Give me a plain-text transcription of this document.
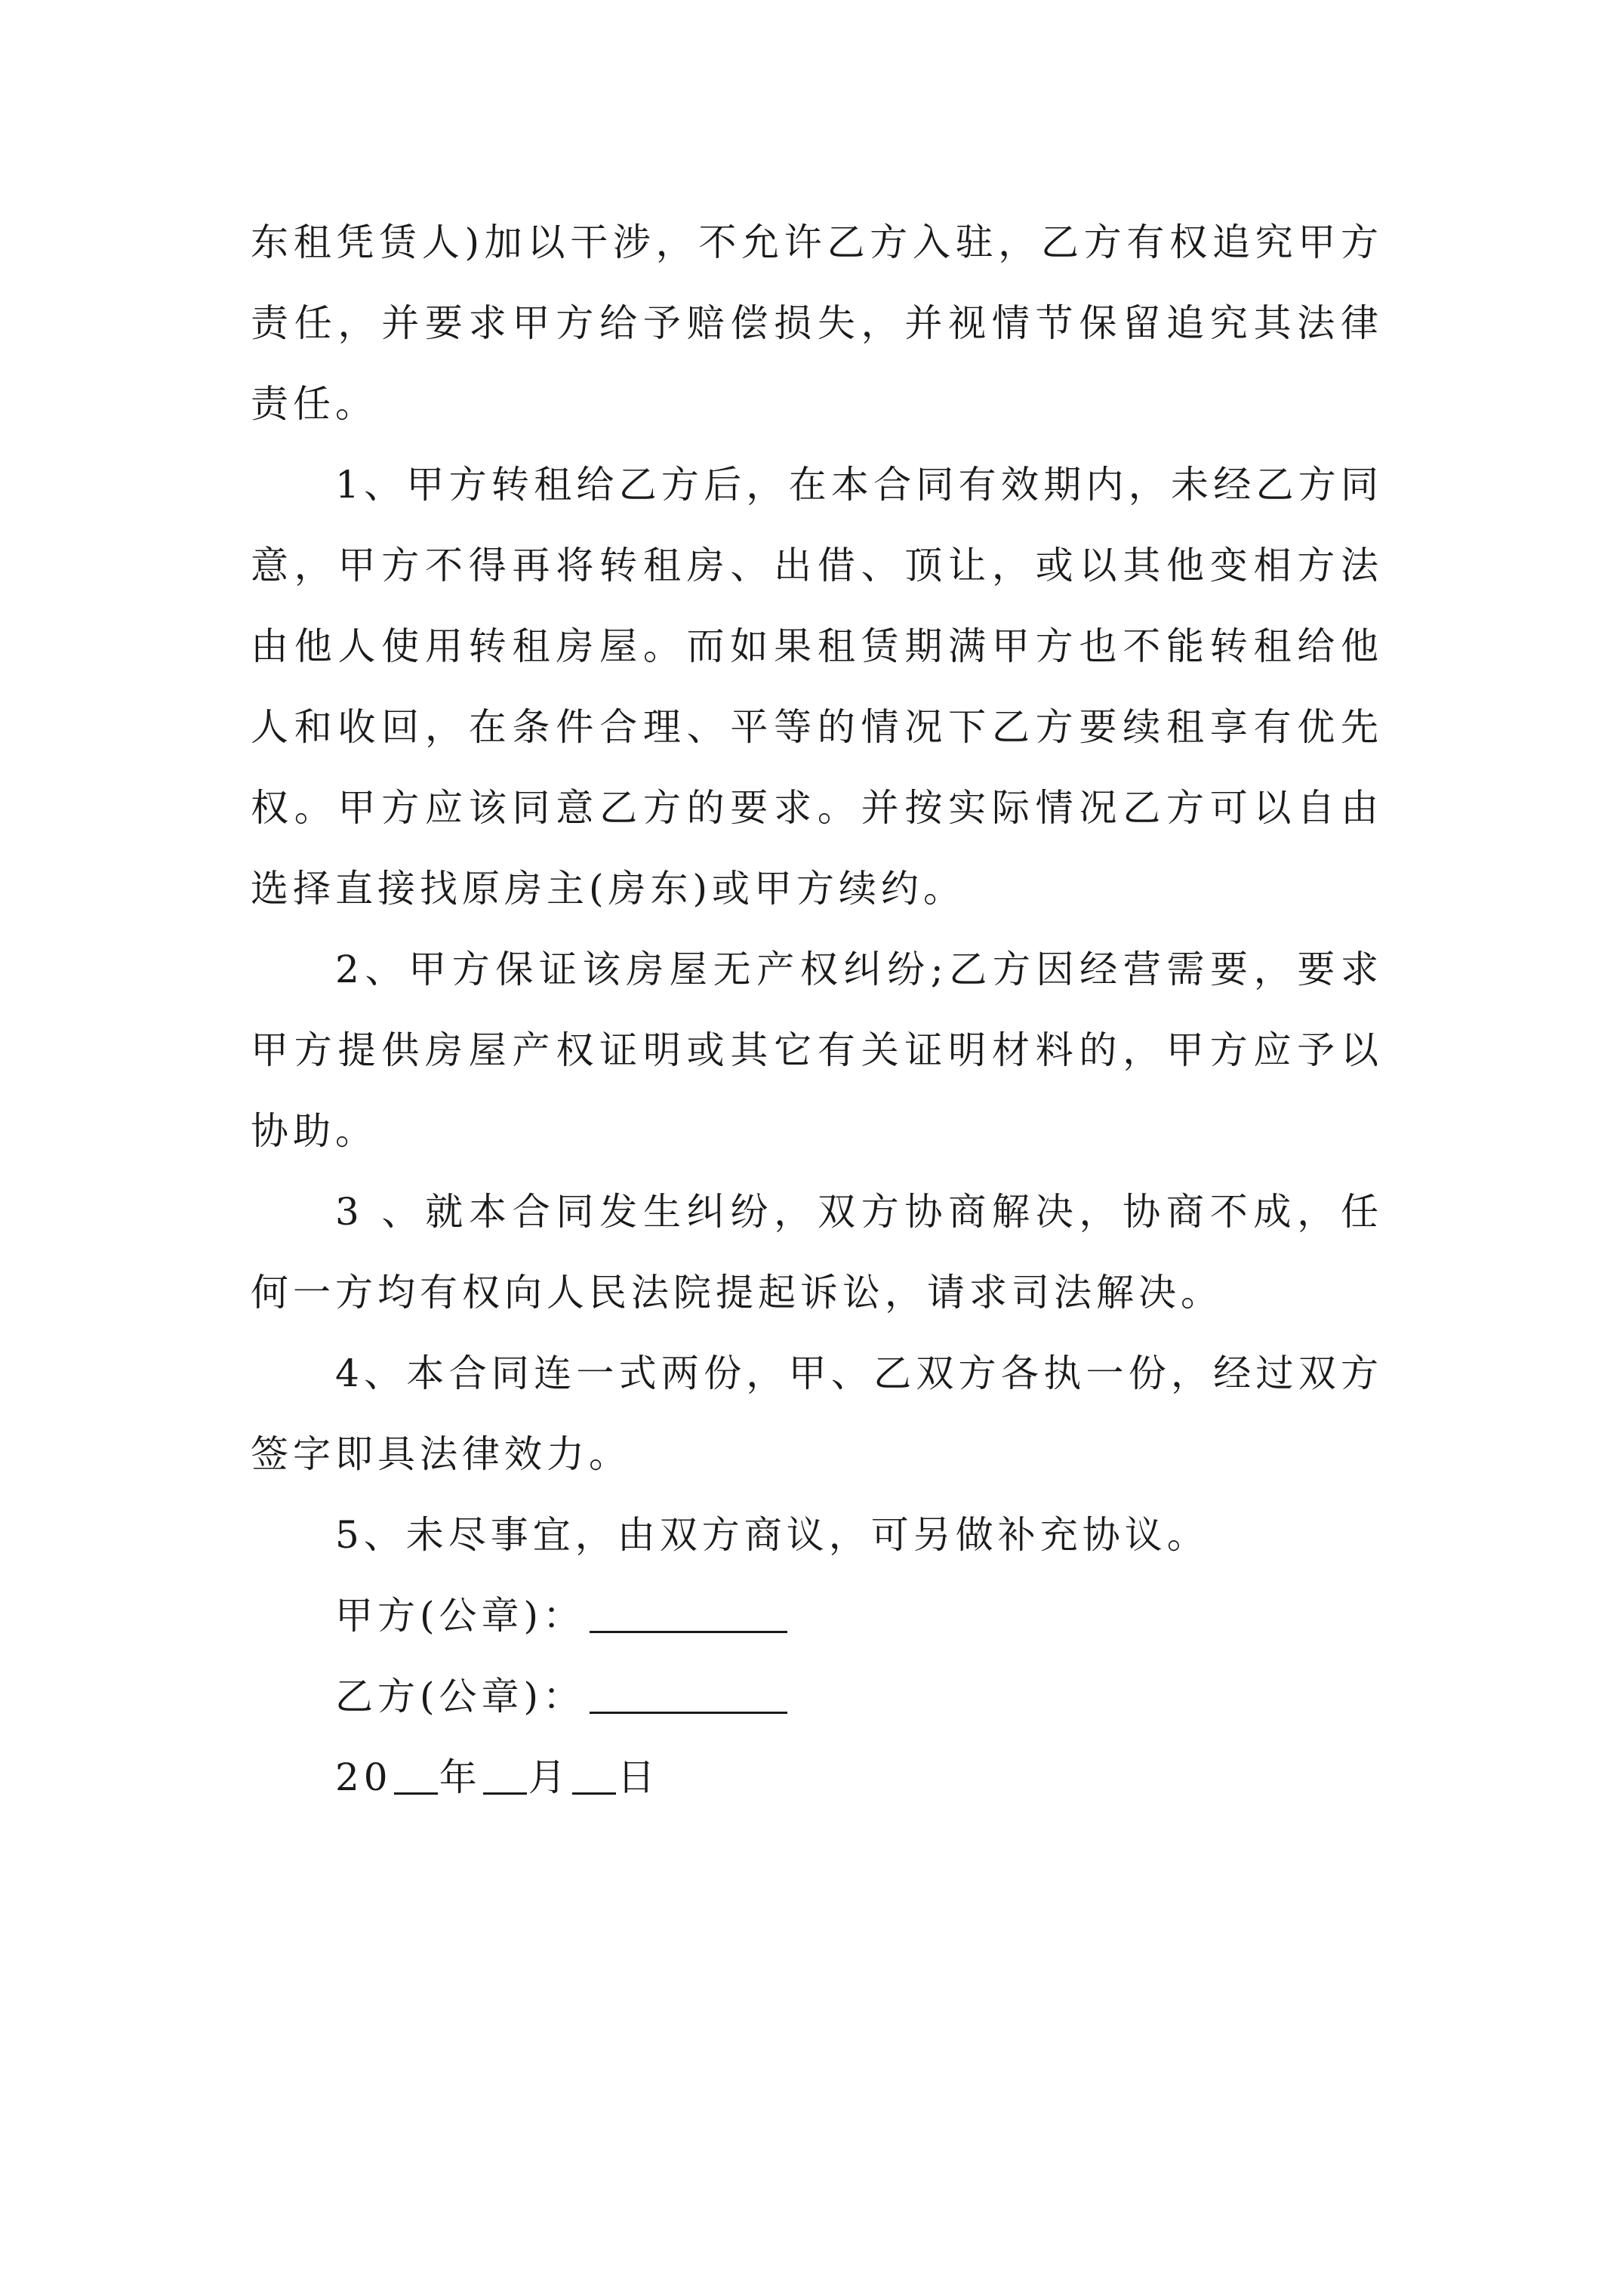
东租凭赁人)加以干涉，不允许乙方入驻，乙方有权追究甲方责任，并要求甲方给予赔偿损失，并视情节保留追究其法律责任。

1、甲方转租给乙方后，在本合同有效期内，未经乙方同意，甲方不得再将转租房、出借、顶让，或以其他变相方法由他人使用转租房屋。而如果租赁期满甲方也不能转租给他人和收回，在条件合理、平等的情况下乙方要续租享有优先权。甲方应该同意乙方的要求。并按实际情况乙方可以自由选择直接找原房主(房东)或甲方续约。

2、甲方保证该房屋无产权纠纷;乙方因经营需要，要求甲方提供房屋产权证明或其它有关证明材料的，甲方应予以协助。

3 、就本合同发生纠纷，双方协商解决，协商不成，任何一方均有权向人民法院提起诉讼，请求司法解决。

4、本合同连一式两份，甲、乙双方各执一份，经过双方签字即具法律效力。

5、未尽事宜，由双方商议，可另做补充协议。

甲方(公章)：

乙方(公章)：

20 年 月 日
